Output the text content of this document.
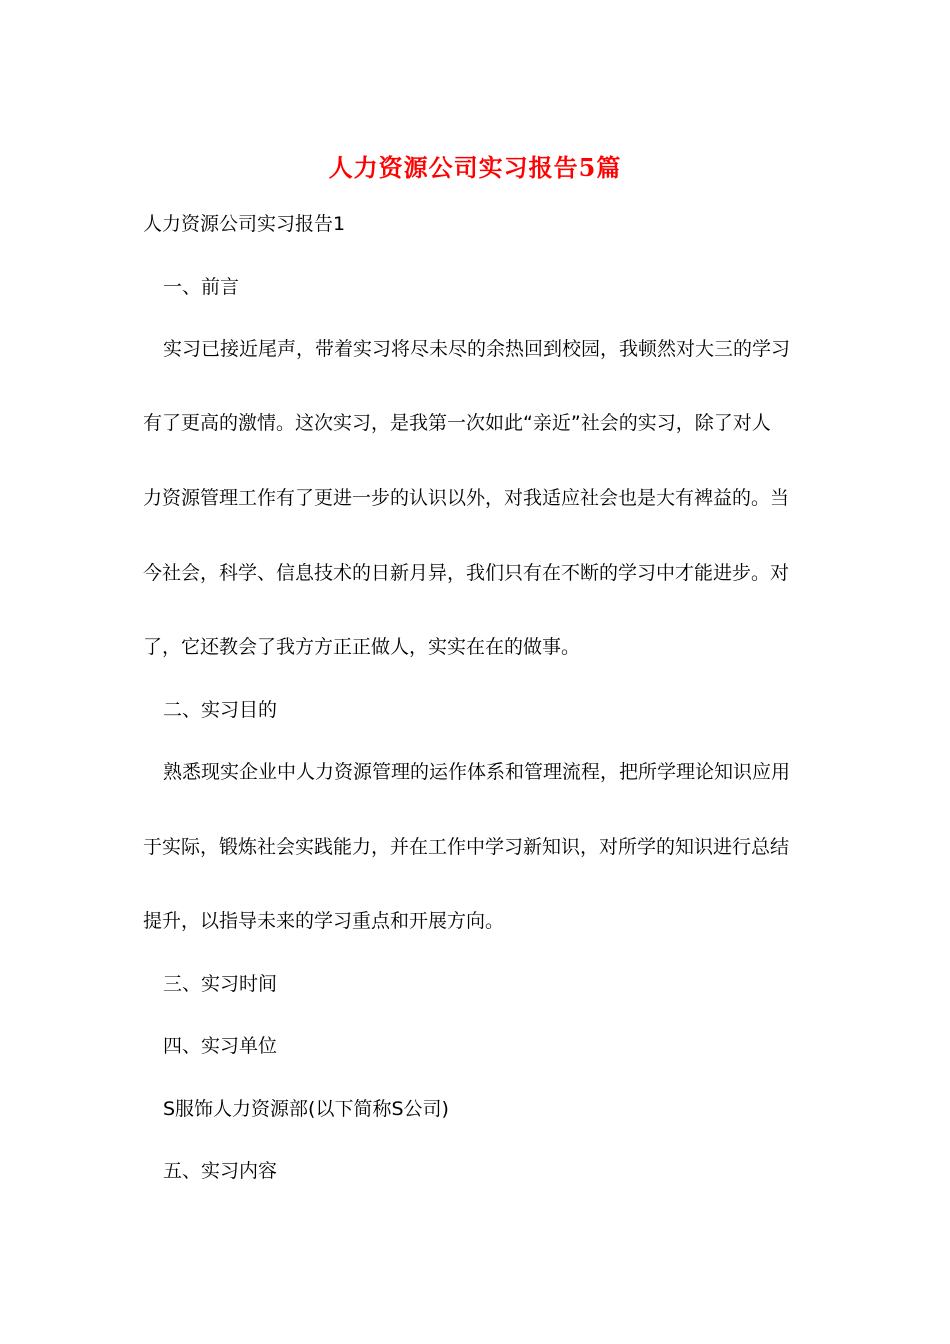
人力资源公司实习报告5篇
人力资源公司实习报告1
一、前言
实习已接近尾声，带着实习将尽未尽的余热回到校园，我顿然对大三的学习
有了更高的激情。这次实习，是我第一次如此“亲近”社会的实习，除了对人
力资源管理工作有了更进一步的认识以外，对我适应社会也是大有裨益的。当
今社会，科学、信息技术的日新月异，我们只有在不断的学习中才能进步。对
了，它还教会了我方方正正做人，实实在在的做事。
二、实习目的
熟悉现实企业中人力资源管理的运作体系和管理流程，把所学理论知识应用
于实际，锻炼社会实践能力，并在工作中学习新知识，对所学的知识进行总结
提升，以指导未来的学习重点和开展方向。
三、实习时间
四、实习单位
S服饰人力资源部(以下简称S公司)
五、实习内容
